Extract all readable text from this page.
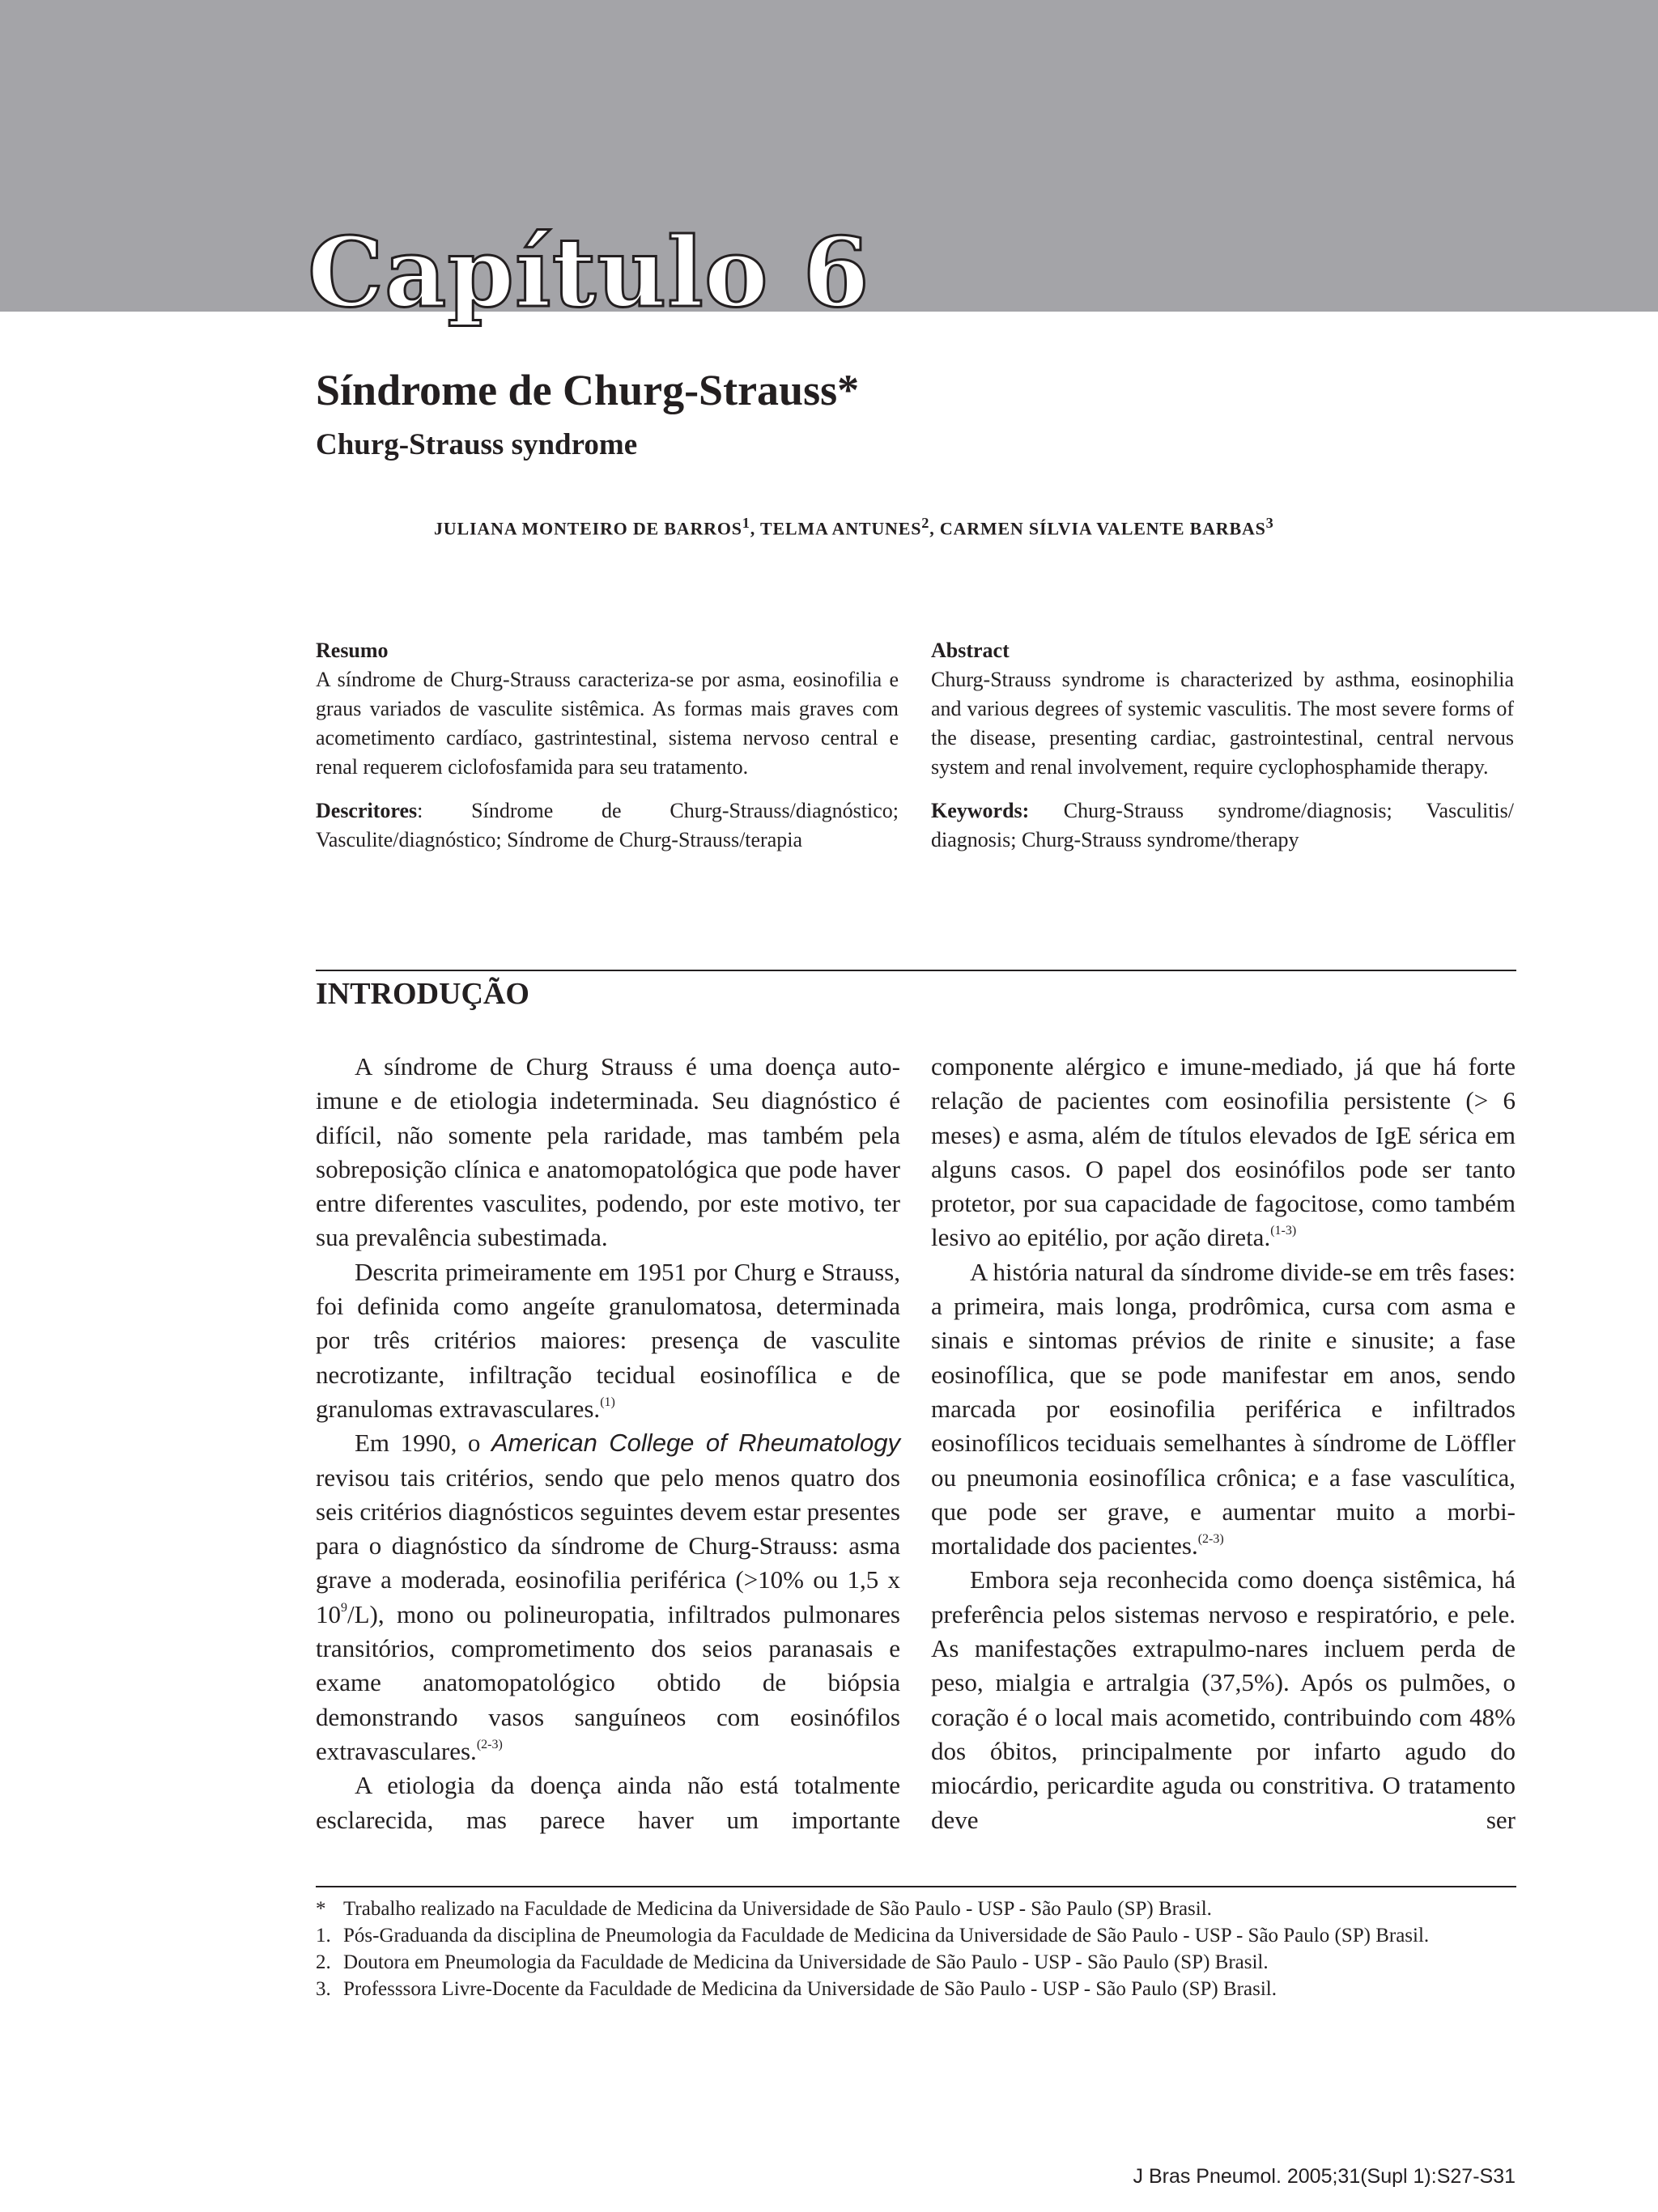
Capítulo 6
Síndrome de Churg-Strauss*
Churg-Strauss syndrome

JULIANA MONTEIRO DE BARROS$^1$, TELMA ANTUNES$^2$, CARMEN SÍLVIA VALENTE BARBAS$^3$

Resumo

A síndrome de Churg-Strauss caracteriza-se por asma, eosinofilia e graus variados de vasculite sistêmica. As formas mais graves com acometimento cardíaco, gastrintestinal, sistema nervoso central e renal requerem ciclofosfamida para seu tratamento.

Descritores: Síndrome de Churg-Strauss/diagnóstico; Vasculite/diagnóstico; Síndrome de Churg-Strauss/terapia

Abstract

Churg-Strauss syndrome is characterized by asthma, eosinophilia and various degrees of systemic vasculitis. The most severe forms of the disease, presenting cardiac, gastrointestinal, central nervous system and renal involvement, require cyclophosphamide therapy.

Keywords: Churg-Strauss syndrome/diagnosis; Vasculitis/ diagnosis; Churg-Strauss syndrome/therapy

INTRODUÇÃO

A síndrome de Churg Strauss é uma doença auto-imune e de etiologia indeterminada. Seu diagnóstico é difícil, não somente pela raridade, mas também pela sobreposição clínica e anatomopatológica que pode haver entre diferentes vasculites, podendo, por este motivo, ter sua prevalência subestimada.

Descrita primeiramente em 1951 por Churg e Strauss, foi definida como angeíte granulomatosa, determinada por três critérios maiores: presença de vasculite necrotizante, infiltração tecidual eosinofílica e de granulomas extravasculares.$^{(1)}$

Em 1990, o American College of Rheumatology revisou tais critérios, sendo que pelo menos quatro dos seis critérios diagnósticos seguintes devem estar presentes para o diagnóstico da síndrome de Churg-Strauss: asma grave a moderada, eosinofilia periférica (>10% ou 1,5 x $10^9/L$), mono ou polineuropatia, infiltrados pulmonares transitórios, comprometimento dos seios paranasais e exame anatomopatológico obtido de biópsia demonstrando vasos sanguíneos com eosinófilos extravasculares.$^{(2-3)}$

A etiologia da doença ainda não está totalmente esclarecida, mas parece haver um importante

componente alérgico e imune-mediado, já que há forte relação de pacientes com eosinofilia persistente (> 6 meses) e asma, além de títulos elevados de IgE sérica em alguns casos. O papel dos eosinófilos pode ser tanto protetor, por sua capacidade de fagocitose, como também lesivo ao epitélio, por ação direta.$^{(1-3)}$

A história natural da síndrome divide-se em três fases: a primeira, mais longa, prodrômica, cursa com asma e sinais e sintomas prévios de rinite e sinusite; a fase eosinofílica, que se pode manifestar em anos, sendo marcada por eosinofilia periférica e infiltrados eosinofílicos teciduais semelhantes à síndrome de Löffler ou pneumonia eosinofílica crônica; e a fase vasculítica, que pode ser grave, e aumentar muito a morbi-mortalidade dos pacientes.$^{(2-3)}$

Embora seja reconhecida como doença sistêmica, há preferência pelos sistemas nervoso e respiratório, e pele. As manifestações extrapulmo-nares incluem perda de peso, mialgia e artralgia (37,5%). Após os pulmões, o coração é o local mais acometido, contribuindo com 48% dos óbitos, principalmente por infarto agudo do miocárdio, pericardite aguda ou constritiva. O tratamento deve ser

* Trabalho realizado na Faculdade de Medicina da Universidade de São Paulo - USP - São Paulo (SP) Brasil.
1. Pós-Graduanda da disciplina de Pneumologia da Faculdade de Medicina da Universidade de São Paulo - USP - São Paulo (SP) Brasil.
2. Doutora em Pneumologia da Faculdade de Medicina da Universidade de São Paulo - USP - São Paulo (SP) Brasil.
3. Professsora Livre-Docente da Faculdade de Medicina da Universidade de São Paulo - USP - São Paulo (SP) Brasil.

J Bras Pneumol. 2005;31(Supl 1):S27-S31
